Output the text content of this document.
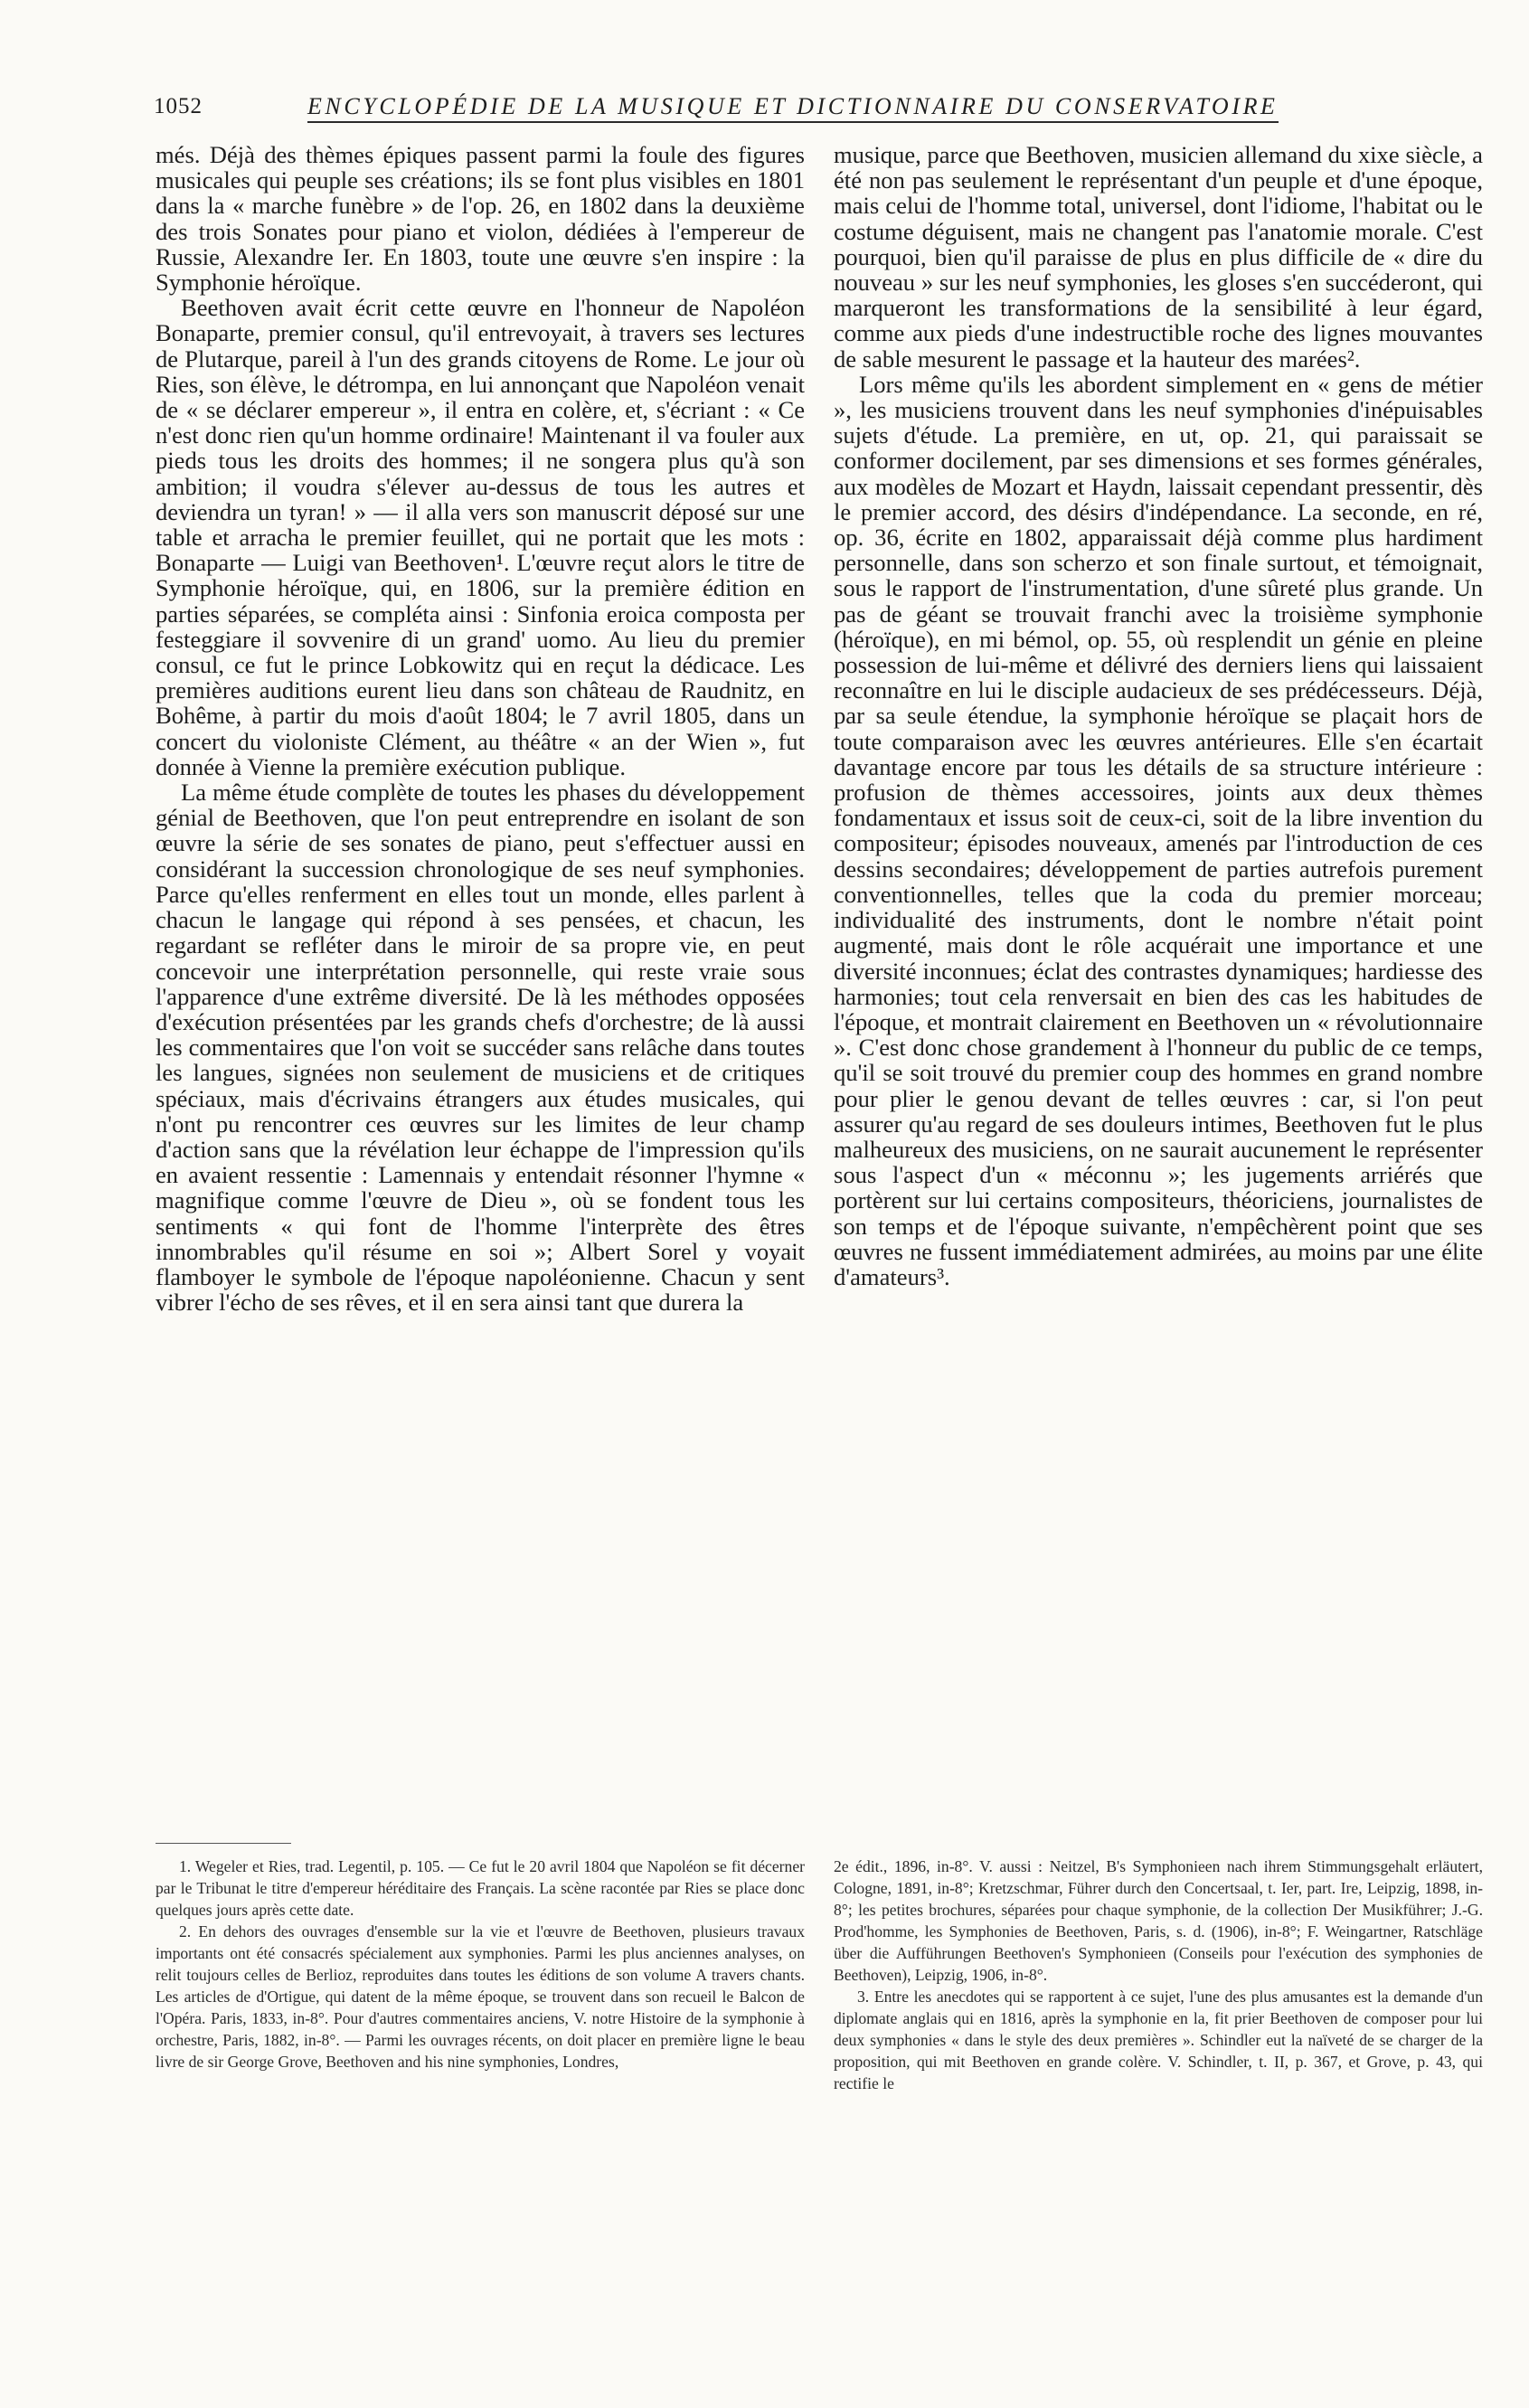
1052	ENCYCLOPÉDIE DE LA MUSIQUE ET DICTIONNAIRE DU CONSERVATOIRE

més. Déjà des thèmes épiques passent parmi la foule des figures musicales qui peuple ses créations; ils se font plus visibles en 1801 dans la « marche funèbre » de l'op. 26, en 1802 dans la deuxième des trois Sonates pour piano et violon, dédiées à l'empereur de Russie, Alexandre Ier. En 1803, toute une œuvre s'en inspire : la Symphonie héroïque.

Beethoven avait écrit cette œuvre en l'honneur de Napoléon Bonaparte, premier consul, qu'il entrevoyait, à travers ses lectures de Plutarque, pareil à l'un des grands citoyens de Rome. Le jour où Ries, son élève, le détrompa, en lui annonçant que Napoléon venait de « se déclarer empereur », il entra en colère, et, s'écriant : « Ce n'est donc rien qu'un homme ordinaire! Maintenant il va fouler aux pieds tous les droits des hommes; il ne songera plus qu'à son ambition; il voudra s'élever au-dessus de tous les autres et deviendra un tyran! » — il alla vers son manuscrit déposé sur une table et arracha le premier feuillet, qui ne portait que les mots : Bonaparte — Luigi van Beethoven¹. L'œuvre reçut alors le titre de Symphonie héroïque, qui, en 1806, sur la première édition en parties séparées, se compléta ainsi : Sinfonia eroica composta per festeggiare il sovvenire di un grand' uomo. Au lieu du premier consul, ce fut le prince Lobkowitz qui en reçut la dédicace. Les premières auditions eurent lieu dans son château de Raudnitz, en Bohême, à partir du mois d'août 1804; le 7 avril 1805, dans un concert du violoniste Clément, au théâtre « an der Wien », fut donnée à Vienne la première exécution publique.

La même étude complète de toutes les phases du développement génial de Beethoven, que l'on peut entreprendre en isolant de son œuvre la série de ses sonates de piano, peut s'effectuer aussi en considérant la succession chronologique de ses neuf symphonies. Parce qu'elles renferment en elles tout un monde, elles parlent à chacun le langage qui répond à ses pensées, et chacun, les regardant se refléter dans le miroir de sa propre vie, en peut concevoir une interprétation personnelle, qui reste vraie sous l'apparence d'une extrême diversité. De là les méthodes opposées d'exécution présentées par les grands chefs d'orchestre; de là aussi les commentaires que l'on voit se succéder sans relâche dans toutes les langues, signées non seulement de musiciens et de critiques spéciaux, mais d'écrivains étrangers aux études musicales, qui n'ont pu rencontrer ces œuvres sur les limites de leur champ d'action sans que la révélation leur échappe de l'impression qu'ils en avaient ressentie : Lamennais y entendait résonner l'hymne « magnifique comme l'œuvre de Dieu », où se fondent tous les sentiments « qui font de l'homme l'interprète des êtres innombrables qu'il résume en soi »; Albert Sorel y voyait flamboyer le symbole de l'époque napoléonienne. Chacun y sent vibrer l'écho de ses rêves, et il en sera ainsi tant que durera la

musique, parce que Beethoven, musicien allemand du xixe siècle, a été non pas seulement le représentant d'un peuple et d'une époque, mais celui de l'homme total, universel, dont l'idiome, l'habitat ou le costume déguisent, mais ne changent pas l'anatomie morale. C'est pourquoi, bien qu'il paraisse de plus en plus difficile de « dire du nouveau » sur les neuf symphonies, les gloses s'en succéderont, qui marqueront les transformations de la sensibilité à leur égard, comme aux pieds d'une indestructible roche des lignes mouvantes de sable mesurent le passage et la hauteur des marées².

Lors même qu'ils les abordent simplement en « gens de métier », les musiciens trouvent dans les neuf symphonies d'inépuisables sujets d'étude. La première, en ut, op. 21, qui paraissait se conformer docilement, par ses dimensions et ses formes générales, aux modèles de Mozart et Haydn, laissait cependant pressentir, dès le premier accord, des désirs d'indépendance. La seconde, en ré, op. 36, écrite en 1802, apparaissait déjà comme plus hardiment personnelle, dans son scherzo et son finale surtout, et témoignait, sous le rapport de l'instrumentation, d'une sûreté plus grande. Un pas de géant se trouvait franchi avec la troisième symphonie (héroïque), en mi bémol, op. 55, où resplendit un génie en pleine possession de lui-même et délivré des derniers liens qui laissaient reconnaître en lui le disciple audacieux de ses prédécesseurs. Déjà, par sa seule étendue, la symphonie héroïque se plaçait hors de toute comparaison avec les œuvres antérieures. Elle s'en écartait davantage encore par tous les détails de sa structure intérieure : profusion de thèmes accessoires, joints aux deux thèmes fondamentaux et issus soit de ceux-ci, soit de la libre invention du compositeur; épisodes nouveaux, amenés par l'introduction de ces dessins secondaires; développement de parties autrefois purement conventionnelles, telles que la coda du premier morceau; individualité des instruments, dont le nombre n'était point augmenté, mais dont le rôle acquérait une importance et une diversité inconnues; éclat des contrastes dynamiques; hardiesse des harmonies; tout cela renversait en bien des cas les habitudes de l'époque, et montrait clairement en Beethoven un « révolutionnaire ». C'est donc chose grandement à l'honneur du public de ce temps, qu'il se soit trouvé du premier coup des hommes en grand nombre pour plier le genou devant de telles œuvres : car, si l'on peut assurer qu'au regard de ses douleurs intimes, Beethoven fut le plus malheureux des musiciens, on ne saurait aucunement le représenter sous l'aspect d'un « méconnu »; les jugements arriérés que portèrent sur lui certains compositeurs, théoriciens, journalistes de son temps et de l'époque suivante, n'empêchèrent point que ses œuvres ne fussent immédiatement admirées, au moins par une élite d'amateurs³.

1. Wegeler et Ries, trad. Legentil, p. 105. — Ce fut le 20 avril 1804 que Napoléon se fit décerner par le Tribunat le titre d'empereur héréditaire des Français. La scène racontée par Ries se place donc quelques jours après cette date.

2. En dehors des ouvrages d'ensemble sur la vie et l'œuvre de Beethoven, plusieurs travaux importants ont été consacrés spécialement aux symphonies. Parmi les plus anciennes analyses, on relit toujours celles de Berlioz, reproduites dans toutes les éditions de son volume A travers chants. Les articles de d'Ortigue, qui datent de la même époque, se trouvent dans son recueil le Balcon de l'Opéra. Paris, 1833, in-8°. Pour d'autres commentaires anciens, V. notre Histoire de la symphonie à orchestre, Paris, 1882, in-8°. — Parmi les ouvrages récents, on doit placer en première ligne le beau livre de sir George Grove, Beethoven and his nine symphonies, Londres,

2e édit., 1896, in-8°. V. aussi : Neitzel, B's Symphonieen nach ihrem Stimmungsgehalt erläutert, Cologne, 1891, in-8°; Kretzschmar, Führer durch den Concertsaal, t. Ier, part. Ire, Leipzig, 1898, in-8°; les petites brochures, séparées pour chaque symphonie, de la collection Der Musikführer; J.-G. Prod'homme, les Symphonies de Beethoven, Paris, s. d. (1906), in-8°; F. Weingartner, Ratschläge über die Aufführungen Beethoven's Symphonieen (Conseils pour l'exécution des symphonies de Beethoven), Leipzig, 1906, in-8°.

3. Entre les anecdotes qui se rapportent à ce sujet, l'une des plus amusantes est la demande d'un diplomate anglais qui en 1816, après la symphonie en la, fit prier Beethoven de composer pour lui deux symphonies « dans le style des deux premières ». Schindler eut la naïveté de se charger de la proposition, qui mit Beethoven en grande colère. V. Schindler, t. II, p. 367, et Grove, p. 43, qui rectifie le
